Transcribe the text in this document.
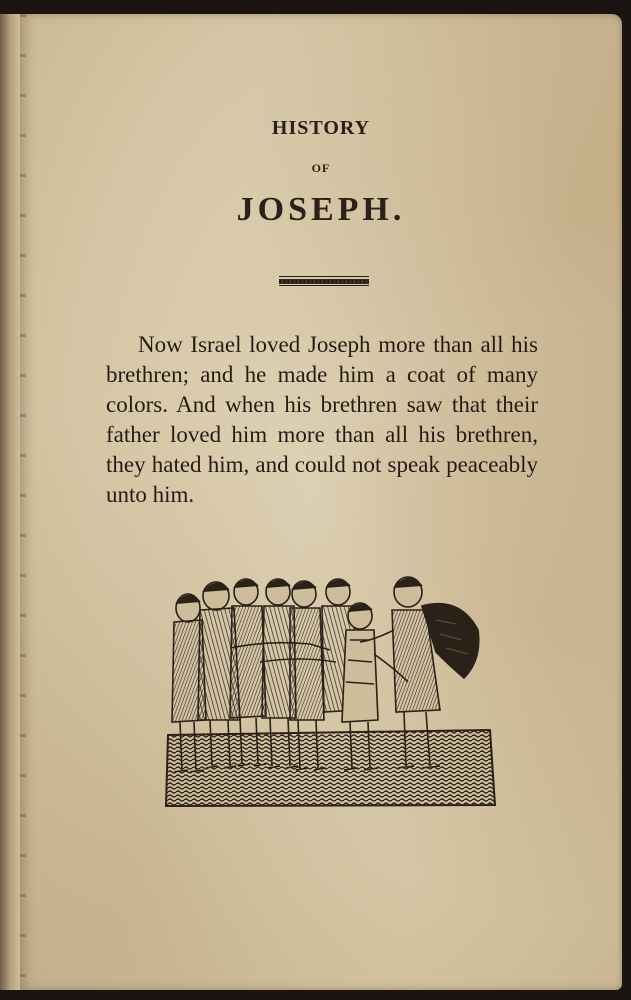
HISTORY

OF

JOSEPH.

Now Israel loved Joseph more than all his brethren; and he made him a coat of many colors. And when his brethren saw that their father loved him more than all his brethren, they hated him, and could not speak peaceably unto him.
